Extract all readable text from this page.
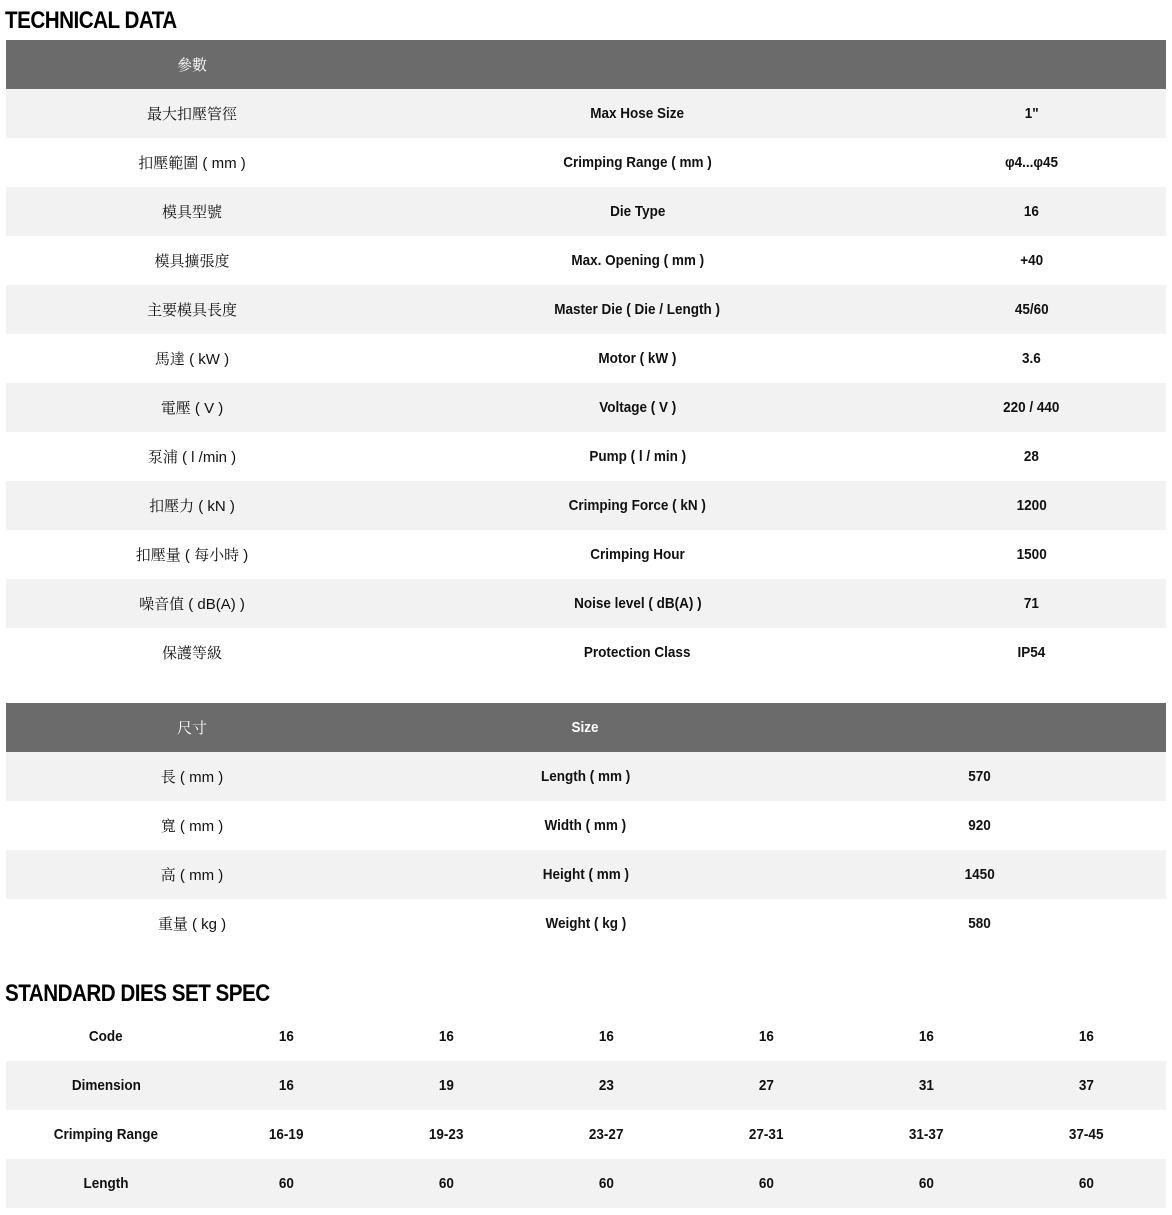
TECHNICAL DATA
參數		
最大扣壓管徑	Max Hose Size	1"
扣壓範圍 ( mm )	Crimping Range ( mm )	φ4...φ45
模具型號	Die Type	16
模具擴張度	Max. Opening ( mm )	+40
主要模具長度	Master Die ( Die / Length )	45/60
馬達 ( kW )	Motor ( kW )	3.6
電壓 ( V )	Voltage ( V )	220 / 440
泵浦 ( l /min )	Pump ( l / min )	28
扣壓力 ( kN )	Crimping Force ( kN )	1200
扣壓量 ( 每小時 )	Crimping Hour	1500
噪音值 ( dB(A) )	Noise level ( dB(A) )	71
保護等級	Protection Class	IP54
尺寸	Size	
長 ( mm )	Length ( mm )	570
寬 ( mm )	Width ( mm )	920
高 ( mm )	Height ( mm )	1450
重量 ( kg )	Weight ( kg )	580
STANDARD DIES SET SPEC
Code	16	16	16	16	16	16
Dimension	16	19	23	27	31	37
Crimping Range	16-19	19-23	23-27	27-31	31-37	37-45
Length	60	60	60	60	60	60
